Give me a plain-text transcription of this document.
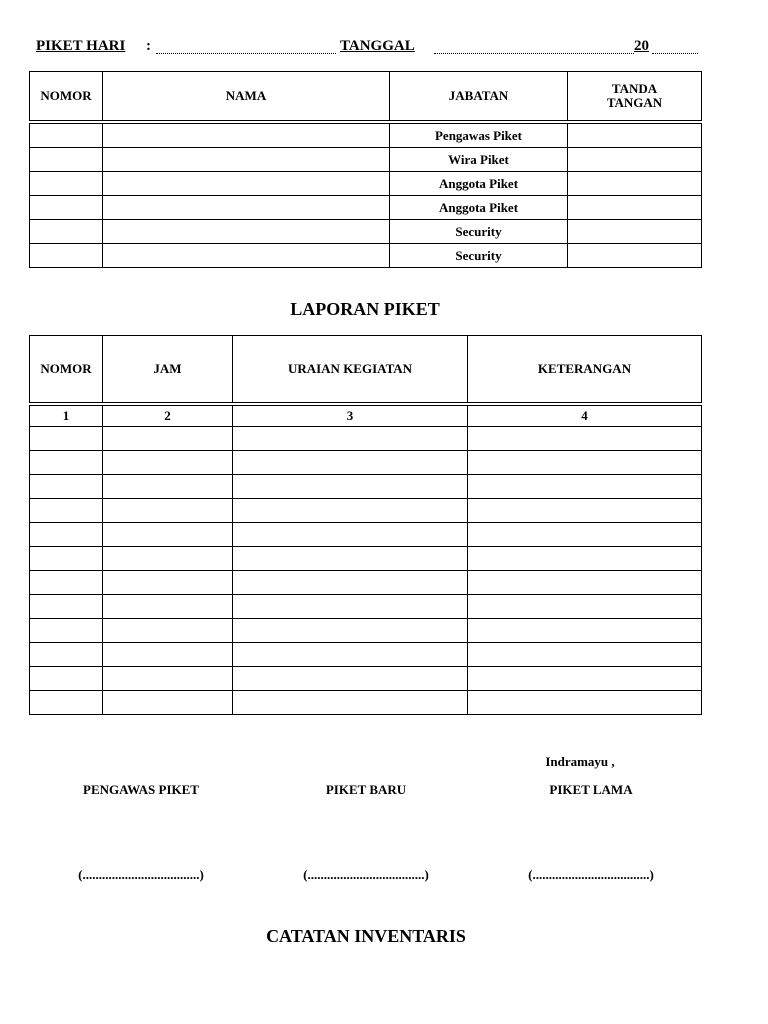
PIKET HARI :	TANGGAL	20
NOMOR	NAMA	JABATAN	TANDA TANGAN
		Pengawas Piket	
		Wira Piket	
		Anggota Piket	
		Anggota Piket	
		Security	
		Security	
LAPORAN PIKET
NOMOR	JAM	URAIAN KEGIATAN	KETERANGAN
1	2	3	4

Indramayu ,
PENGAWAS PIKET	PIKET BARU	PIKET LAMA
(....................................)	(....................................)	(....................................)
CATATAN INVENTARIS
